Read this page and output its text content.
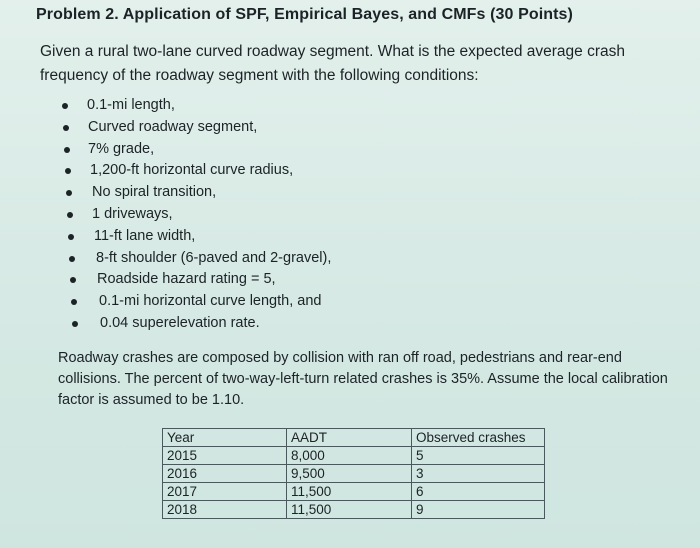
Problem 2. Application of SPF, Empirical Bayes, and CMFs (30 Points)
Given a rural two-lane curved roadway segment. What is the expected average crash frequency of the roadway segment with the following conditions:
0.1-mi length,
Curved roadway segment,
7% grade,
1,200-ft horizontal curve radius,
No spiral transition,
1 driveways,
11-ft lane width,
8-ft shoulder (6-paved and 2-gravel),
Roadside hazard rating = 5,
0.1-mi horizontal curve length, and
0.04 superelevation rate.
Roadway crashes are composed by collision with ran off road, pedestrians and rear-end collisions. The percent of two-way-left-turn related crashes is 35%. Assume the local calibration factor is assumed to be 1.10.
Year	AADT	Observed crashes
2015	8,000	5
2016	9,500	3
2017	11,500	6
2018	11,500	9
